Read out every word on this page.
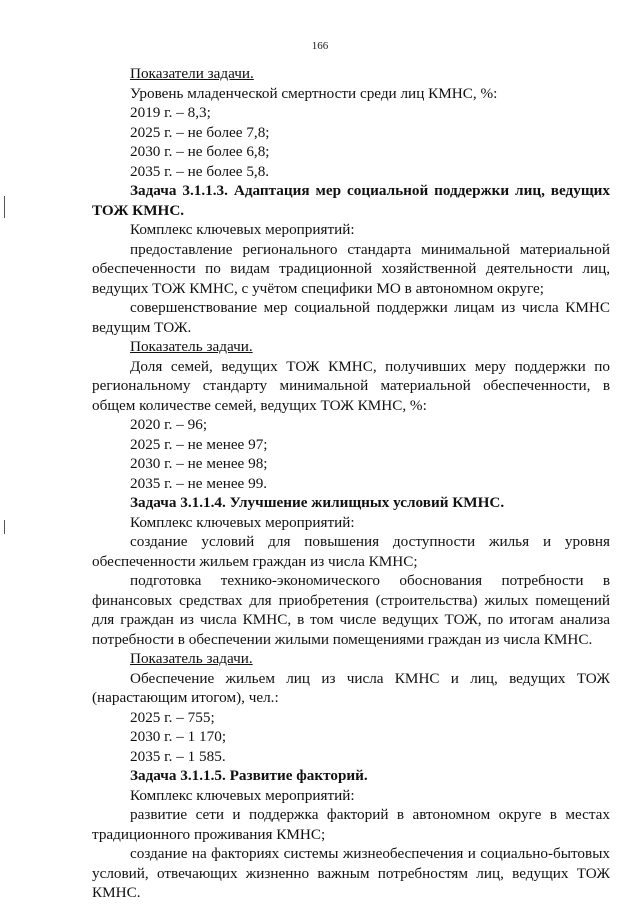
166

Показатели задачи.

Уровень младенческой смертности среди лиц КМНС, %:

2019 г. – 8,3;

2025 г. – не более 7,8;

2030 г. – не более 6,8;

2035 г. – не более 5,8.

Задача 3.1.1.3. Адаптация мер социальной поддержки лиц, ведущих ТОЖ КМНС.

Комплекс ключевых мероприятий:

предоставление регионального стандарта минимальной материальной обеспеченности по видам традиционной хозяйственной деятельности лиц, ведущих ТОЖ КМНС, с учётом специфики МО в автономном округе;

совершенствование мер социальной поддержки лицам из числа КМНС ведущим ТОЖ.

Показатель задачи.

Доля семей, ведущих ТОЖ КМНС, получивших меру поддержки по региональному стандарту минимальной материальной обеспеченности, в общем количестве семей, ведущих ТОЖ КМНС, %:

2020 г. – 96;

2025 г. – не менее 97;

2030 г. – не менее 98;

2035 г. – не менее 99.

Задача 3.1.1.4. Улучшение жилищных условий КМНС.

Комплекс ключевых мероприятий:

создание условий для повышения доступности жилья и уровня обеспеченности жильем граждан из числа КМНС;

подготовка технико-экономического обоснования потребности в финансовых средствах для приобретения (строительства) жилых помещений для граждан из числа КМНС, в том числе ведущих ТОЖ, по итогам анализа потребности в обеспечении жилыми помещениями граждан из числа КМНС.

Показатель задачи.

Обеспечение жильем лиц из числа КМНС и лиц, ведущих ТОЖ (нарастающим итогом), чел.:

2025 г. – 755;

2030 г. – 1 170;

2035 г. – 1 585.

Задача 3.1.1.5. Развитие факторий.

Комплекс ключевых мероприятий:

развитие сети и поддержка факторий в автономном округе в местах традиционного проживания КМНС;

создание на факториях системы жизнеобеспечения и социально-бытовых условий, отвечающих жизненно важным потребностям лиц, ведущих ТОЖ КМНС.
